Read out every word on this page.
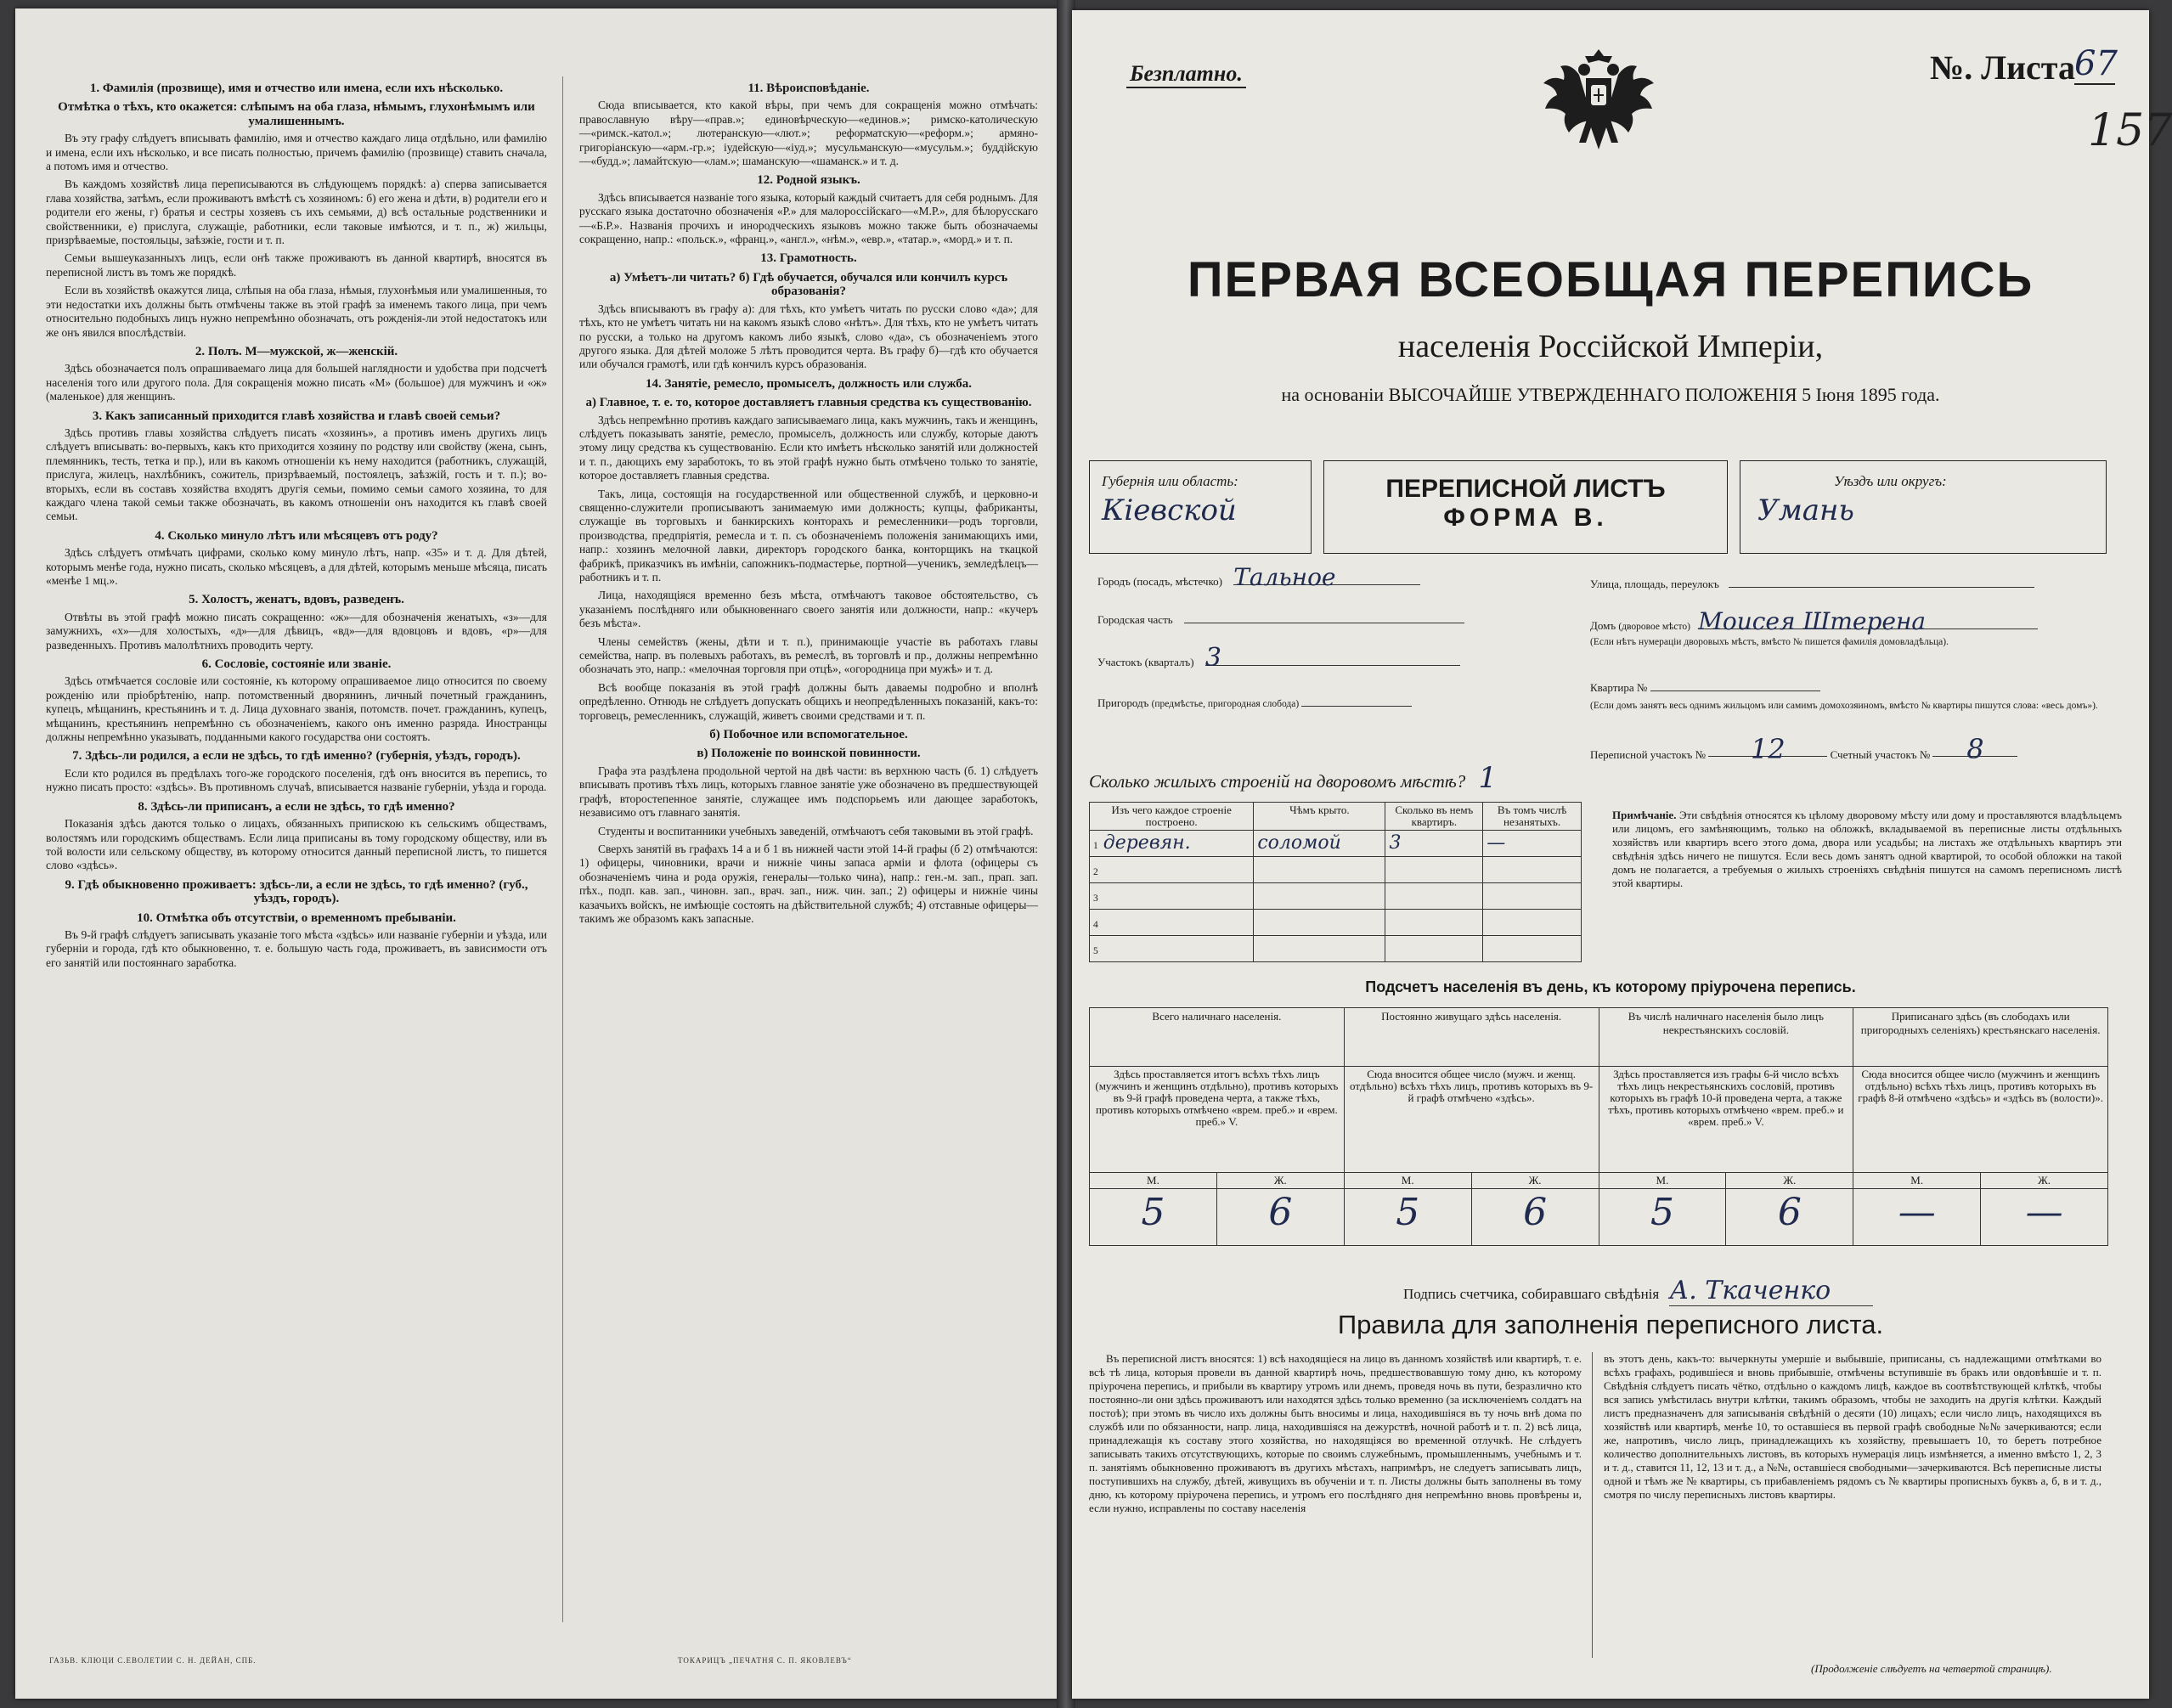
1. Фамилія (прозвище), имя и отчество или имена, если ихъ нѣсколько.
Отмѣтка о тѣхъ, кто окажется: слѣпымъ на оба глаза, нѣмымъ, глухонѣмымъ или умалишеннымъ.
Въ эту графу слѣдуетъ вписывать фамилію, имя и отчество каждаго лица отдѣльно, или фамилію и имена, если ихъ нѣсколько, и все писать полностью, причемъ фамилію (прозвище) ставить сначала, а потомъ имя и отчество.
Въ каждомъ хозяйствѣ лица переписываются въ слѣдующемъ порядкѣ: а) сперва записывается глава хозяйства, затѣмъ, если проживаютъ вмѣстѣ съ хозяиномъ: б) его жена и дѣти, в) родители его и родители его жены, г) братья и сестры хозяевъ съ ихъ семьями, д) всѣ остальные родственники и свойственники, е) прислуга, служащіе, работники, если таковые имѣются, и т. п., ж) жильцы, призрѣваемые, постояльцы, заѣзжіе, гости и т. п.
Семьи вышеуказанныхъ лицъ, если онѣ также проживаютъ въ данной квартирѣ, вносятся въ переписной листъ въ томъ же порядкѣ.
Если въ хозяйствѣ окажутся лица, слѣпыя на оба глаза, нѣмыя, глухонѣмыя или умалишенныя, то эти недостатки ихъ должны быть отмѣчены также въ этой графѣ за именемъ такого лица, при чемъ относительно подобныхъ лицъ нужно непремѣнно обозначать, отъ рожденія-ли этой недостатокъ или же онъ явился впослѣдствіи.
2. Полъ. М—мужской, ж—женскій.
Здѣсь обозначается полъ опрашиваемаго лица для большей наглядности и удобства при подсчетѣ населенія того или другого пола. Для сокращенія можно писать «М» (большое) для мужчинъ и «ж» (маленькое) для женщинъ.
3. Какъ записанный приходится главѣ хозяйства и главѣ своей семьи?
Здѣсь противъ главы хозяйства слѣдуетъ писать «хозяинъ», а противъ именъ другихъ лицъ слѣдуетъ вписывать: во-первыхъ, какъ кто приходится хозяину по родству или свойству (жена, сынъ, племянникъ, тесть, тетка и пр.), или въ какомъ отношеніи къ нему находится (работникъ, служащій, прислуга, жилецъ, нахлѣбникъ, сожитель, призрѣваемый, постоялецъ, заѣзжій, гость и т. п.); во-вторыхъ, если въ составъ хозяйства входятъ другія семьи, помимо семьи самого хозяина, то для каждаго члена такой семьи также обозначать, въ какомъ отношеніи онъ находится къ главѣ своей семьи.
4. Сколько минуло лѣтъ или мѣсяцевъ отъ роду?
Здѣсь слѣдуетъ отмѣчать цифрами, сколько кому минуло лѣтъ, напр. «35» и т. д. Для дѣтей, которымъ менѣе года, нужно писать, сколько мѣсяцевъ, а для дѣтей, которымъ меньше мѣсяца, писать «менѣе 1 мц.».
5. Холостъ, женатъ, вдовъ, разведенъ.
Отвѣты въ этой графѣ можно писать сокращенно: «ж»—для обозначенія женатыхъ, «з»—для замужнихъ, «х»—для холостыхъ, «д»—для дѣвицъ, «вд»—для вдовцовъ и вдовъ, «р»—для разведенныхъ. Противъ малолѣтнихъ проводить черту.
6. Сословіе, состояніе или званіе.
Здѣсь отмѣчается сословіе или состояніе, къ которому опрашиваемое лицо относится по своему рожденію или пріобрѣтенію, напр. потомственный дворянинъ, личный почетный гражданинъ, купецъ, мѣщанинъ, крестьянинъ и т. д. Лица духовнаго званія, потомств. почет. гражданинъ, купецъ, мѣщанинъ, крестьянинъ непремѣнно съ обозначеніемъ, какого онъ именно разряда. Иностранцы должны непремѣнно указывать, подданными какого государства они состоятъ.
7. Здѣсь-ли родился, а если не здѣсь, то гдѣ именно? (губернія, уѣздъ, городъ).
Если кто родился въ предѣлахъ того-же городского поселенія, гдѣ онъ вносится въ перепись, то нужно писать просто: «здѣсь». Въ противномъ случаѣ, вписывается названіе губерніи, уѣзда и города.
8. Здѣсь-ли приписанъ, а если не здѣсь, то гдѣ именно?
Показанія здѣсь даются только о лицахъ, обязанныхъ припискою къ сельскимъ обществамъ, волостямъ или городскимъ обществамъ. Если лица приписаны въ тому городскому обществу, или въ той волости или сельскому обществу, въ которому относится данный переписной листъ, то пишется слово «здѣсь».
9. Гдѣ обыкновенно проживаетъ: здѣсь-ли, а если не здѣсь, то гдѣ именно? (губ., уѣздъ, городъ).
10. Отмѣтка объ отсутствіи, о временномъ пребываніи.
Въ 9-й графѣ слѣдуетъ записывать указаніе того мѣста «здѣсь» или названіе губерніи и уѣзда, или губерніи и города, гдѣ кто обыкновенно, т. е. большую часть года, проживаетъ, въ зависимости отъ его занятій или постояннаго заработка.
11. Вѣроисповѣданіе.
Сюда вписывается, кто какой вѣры, при чемъ для сокращенія можно отмѣчать: православную вѣру—«прав.»; единовѣрческую—«единов.»; римско-католическую—«римск.-катол.»; лютеранскую—«лют.»; реформатскую—«реформ.»; армяно-григоріанскую—«арм.-гр.»; іудейскую—«іуд.»; мусульманскую—«мусульм.»; буддійскую—«будд.»; ламайтскую—«лам.»; шаманскую—«шаманск.» и т. д.
12. Родной языкъ.
Здѣсь вписывается названіе того языка, который каждый считаетъ для себя роднымъ. Для русскаго языка достаточно обозначенія «Р.» для малороссійскаго—«М.Р.», для бѣлорусскаго—«Б.Р.». Названія прочихъ и инородческихъ языковъ можно также быть обозначаемы сокращенно, напр.: «польск.», «франц.», «англ.», «нѣм.», «евр.», «татар.», «морд.» и т. п.
13. Грамотность.
а) Умѣетъ-ли читать? б) Гдѣ обучается, обучался или кончилъ курсъ образованія?
Здѣсь вписываютъ въ графу а): для тѣхъ, кто умѣетъ читать по русски слово «да»; для тѣхъ, кто не умѣетъ читать ни на какомъ языкѣ слово «нѣтъ». Для тѣхъ, кто не умѣетъ читать по русски, а только на другомъ какомъ либо языкѣ, слово «да», съ обозначеніемъ этого другого языка. Для дѣтей моложе 5 лѣтъ проводится черта. Въ графу б)—гдѣ кто обучается или обучался грамотѣ, или гдѣ кончилъ курсъ образованія.
14. Занятіе, ремесло, промыселъ, должность или служба.
а) Главное, т. е. то, которое доставляетъ главныя средства къ существованію.
Здѣсь непремѣнно противъ каждаго записываемаго лица, какъ мужчинъ, такъ и женщинъ, слѣдуетъ показывать занятіе, ремесло, промыселъ, должность или службу, которые даютъ этому лицу средства къ существованію. Если кто имѣетъ нѣсколько занятій или должностей и т. п., дающихъ ему заработокъ, то въ этой графѣ нужно быть отмѣчено только то занятіе, которое доставляетъ главныя средства.
Такъ, лица, состоящія на государственной или общественной службѣ, и церковно-и священно-служители прописываютъ занимаемую ими должность; купцы, фабриканты, служащіе въ торговыхъ и банкирскихъ конторахъ и ремесленники—родъ торговли, производства, предпріятія, ремесла и т. п. съ обозначеніемъ положенія занимающихъ ими, напр.: хозяинъ мелочной лавки, директоръ городского банка, конторщикъ на ткацкой фабрикѣ, приказчикъ въ имѣніи, сапожникъ-подмастерье, портной—ученикъ, земледѣлецъ—работникъ и т. п.
Лица, находящіяся временно безъ мѣста, отмѣчаютъ таковое обстоятельство, съ указаніемъ послѣдняго или обыкновеннаго своего занятія или должности, напр.: «кучеръ безъ мѣста».
Члены семействъ (жены, дѣти и т. п.), принимающіе участіе въ работахъ главы семейства, напр. въ полевыхъ работахъ, въ ремеслѣ, въ торговлѣ и пр., должны непремѣнно обозначать это, напр.: «мелочная торговля при отцѣ», «огородница при мужѣ» и т. д.
Всѣ вообще показанія въ этой графѣ должны быть даваемы подробно и вполнѣ опредѣленно. Отнюдь не слѣдуетъ допускать общихъ и неопредѣленныхъ показаній, какъ-то: торговецъ, ремесленникъ, служащій, живетъ своими средствами и т. п.
б) Побочное или вспомогательное.
в) Положеніе по воинской повинности.
Графа эта раздѣлена продольной чертой на двѣ части: въ верхнюю часть (б. 1) слѣдуетъ вписывать противъ тѣхъ лицъ, которыхъ главное занятіе уже обозначено въ предшествующей графѣ, второстепенное занятіе, служащее имъ подспорьемъ или дающее заработокъ, независимо отъ главнаго занятія.
Студенты и воспитанники учебныхъ заведеній, отмѣчаютъ себя таковыми въ этой графѣ.
Сверхъ занятій въ графахъ 14 а и б 1 въ нижней части этой 14-й графы (б 2) отмѣчаются: 1) офицеры, чиновники, врачи и нижніе чины запаса арміи и флота (офицеры съ обозначеніемъ чина и рода оружія, генералы—только чина), напр.: ген.-м. зап., прап. зап. пѣх., подп. кав. зап., чиновн. зап., врач. зап., ниж. чин. зап.; 2) офицеры и нижніе чины казачьихъ войскъ, не имѣющіе состоять на дѣйствительной службѣ; 4) отставные офицеры—такимъ же образомъ какъ запасные.
ГАЗЬВ. КЛЮЦИ С.ЕВОЛЕТИИ С. Н. ДЕЙАН, СПБ.	ТОКАРИЦЪ „ПЕЧАТНЯ С. П. ЯКОВЛЕВЪ“
Безплатно.	№. Листа 67
157
ПЕРВАЯ ВСЕОБЩАЯ ПЕРЕПИСЬ
населенія Россійской Имперіи,
на основаніи ВЫСОЧАЙШЕ УТВЕРЖДЕННАГО ПОЛОЖЕНІЯ 5 Іюня 1895 года.
Губернія или область:
Кіевской
ПЕРЕПИСНОЙ ЛИСТЪ
ФОРМА В.
Уѣздъ или округъ:
Умань
Городъ (посадъ, мѣстечко) Тальное
Городская часть
Участокъ (кварталъ) 3
Пригородъ (предмѣстье, пригородная слобода)
Улица, площадь, переулокъ
Домъ (дворовое мѣсто) Моисея Штерена
(Если нѣтъ нумераціи дворовыхъ мѣстъ, вмѣсто № пишется фамилія домовладѣльца).
Квартира №
(Если домъ занятъ весь однимъ жильцомъ или самимъ домохозяиномъ, вмѣсто № квартиры пишутся слова: «весь домъ»).
Переписной участокъ № 12	Счетный участокъ № 8
Сколько жилыхъ строеній на дворовомъ мѣстѣ? 1
Изъ чего каждое строеніе построено.	Чѣмъ крыто.	Сколько въ немъ квартиръ.	Въ томъ числѣ незанятыхъ.
1 деревян.	соломой	3	—
2			
3			
4			
5			
Примѣчаніе. Эти свѣдѣнія относятся къ цѣлому дворовому мѣсту или дому и проставляются владѣльцемъ или лицомъ, его замѣняющимъ, только на обложкѣ, вкладываемой въ переписные листы отдѣльныхъ хозяйствъ или квартиръ всего этого дома, двора или усадьбы; на листахъ же отдѣльныхъ квартиръ эти свѣдѣнія здѣсь ничего не пишутся. Если весь домъ занятъ одной квартирой, то особой обложки на такой домъ не полагается, а требуемыя о жилыхъ строеніяхъ свѣдѣнія пишутся на самомъ переписномъ листѣ этой квартиры.
Подсчетъ населенія въ день, къ которому пріурочена перепись.
Всего наличнаго населенія.		Постоянно живущаго здѣсь населенія.		Въ числѣ наличнаго населенія было лицъ некрестьянскихъ сословій.		Приписанаго здѣсь (въ слободахъ или пригородныхъ селеніяхъ) крестьянскаго населенія.	
Здѣсь проставляется итогъ всѣхъ тѣхъ лицъ (мужчинъ и женщинъ отдѣльно), противъ которыхъ въ 9-й графѣ проведена черта, а также тѣхъ, противъ которыхъ отмѣчено «врем. преб.» и «врем. преб.» V.		Сюда вносится общее число (мужч. и женщ. отдѣльно) всѣхъ тѣхъ лицъ, противъ которыхъ въ 9-й графѣ отмѣчено «здѣсь».		Здѣсь проставляется изъ графы 6-й число всѣхъ тѣхъ лицъ некрестьянскихъ сословій, противъ которыхъ въ графѣ 10-й проведена черта, а также тѣхъ, противъ которыхъ отмѣчено «врем. преб.» и «врем. преб.» V.		Сюда вносится общее число (мужчинъ и женщинъ отдѣльно) всѣхъ тѣхъ лицъ, противъ которыхъ въ графѣ 8-й отмѣчено «здѣсь» и «здѣсь въ (волости)».	
М.	Ж.	М.	Ж.	М.	Ж.	М.	Ж.
5	6	5	6	5	6	—	—
Подпись счетчика, собиравшаго свѣдѣнія А. Ткаченко
Правила для заполненія переписного листа.
Въ переписной листъ вносятся: 1) всѣ находящіеся на лицо въ данномъ хозяйствѣ или квартирѣ, т. е. всѣ тѣ лица, которыя провели въ данной квартирѣ ночь, предшествовавшую тому дню, къ которому пріурочена перепись, и прибыли въ квартиру утромъ или днемъ, проведя ночь въ пути, безразлично кто постоянно-ли они здѣсь проживаютъ или находятся здѣсь только временно (за исключеніемъ солдатъ на постоѣ); при этомъ въ число ихъ должны быть вносимы и лица, находившіяся въ ту ночь внѣ дома по службѣ или по обязанности, напр. лица, находившіяся на дежурствѣ, ночной работѣ и т. п. 2) всѣ лица, принадлежащія къ составу этого хозяйства, но находящіяся во временной отлучкѣ. Не слѣдуетъ записывать такихъ отсутствующихъ, которые по своимъ служебнымъ, промышленнымъ, учебнымъ и т. п. занятіямъ обыкновенно проживаютъ въ другихъ мѣстахъ, напримѣръ, не следуетъ записывать лицъ, поступившихъ на службу, дѣтей, живущихъ въ обученіи и т. п. Листы должны быть заполнены въ тому дню, къ которому пріурочена перепись, и утромъ его послѣдняго дня непремѣнно вновь провѣрены и, если нужно, исправлены по составу населенія
въ этотъ день, какъ-то: вычеркнуты умершіе и выбывшіе, приписаны, съ надлежащими отмѣтками во всѣхъ графахъ, родившіеся и вновь прибывшіе, отмѣчены вступившіе въ бракъ или овдовѣвшіе и т. п. Свѣдѣнія слѣдуетъ писать чётко, отдѣльно о каждомъ лицѣ, каждое въ соотвѣтствующей клѣткѣ, чтобы вся запись умѣстилась внутри клѣтки, такимъ образомъ, чтобы не заходить на другія клѣтки. Каждый листъ предназначенъ для записыванія свѣдѣній о десяти (10) лицахъ; если число лицъ, находящихся въ хозяйствѣ или квартирѣ, менѣе 10, то оставшіеся въ первой графѣ свободные №№ зачеркиваются; если же, напротивъ, число лицъ, принадлежащихъ къ хозяйству, превышаетъ 10, то беретъ потребное количество дополнительныхъ листовъ, въ которыхъ нумерація лицъ измѣняется, а именно вмѣсто 1, 2, 3 и т. д., ставится 11, 12, 13 и т. д., а №№, оставшіеся свободными—зачеркиваются. Всѣ переписные листы одной и тѣмъ же № квартиры, съ прибавленіемъ рядомъ съ № квартиры прописныхъ буквъ а, б, в и т. д., смотря по числу переписныхъ листовъ квартиры.
(Продолженіе слѣдуетъ на четвертой страницѣ).
